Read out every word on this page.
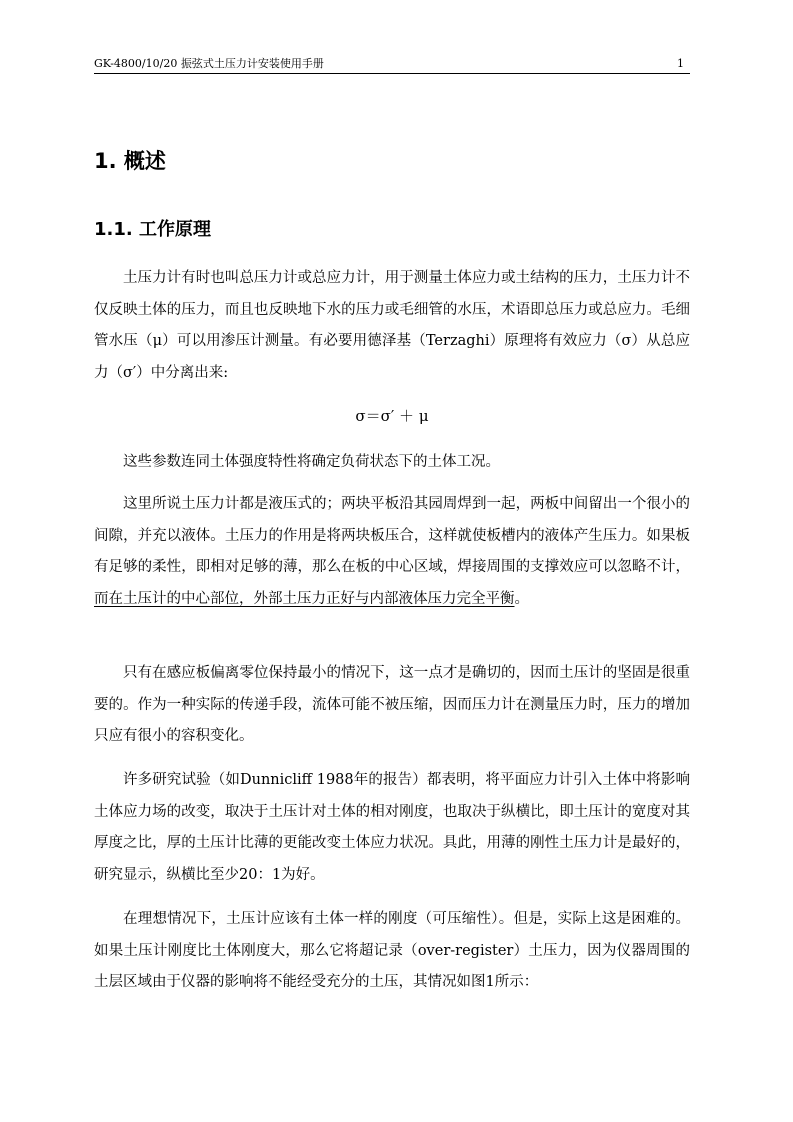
GK-4800/10/20 振弦式土压力计安装使用手册	1
1. 概述
1.1. 工作原理

土压力计有时也叫总压力计或总应力计，用于测量土体应力或土结构的压力，土压力计不仅反映土体的压力，而且也反映地下水的压力或毛细管的水压，术语即总压力或总应力。毛细管水压（μ）可以用渗压计测量。有必要用德泽基（Terzaghi）原理将有效应力（σ）从总应力（σ′）中分离出来:

σ＝σ′ ＋ μ

这些参数连同土体强度特性将确定负荷状态下的土体工况。

这里所说土压力计都是液压式的；两块平板沿其园周焊到一起，两板中间留出一个很小的间隙，并充以液体。土压力的作用是将两块板压合，这样就使板槽内的液体产生压力。如果板有足够的柔性，即相对足够的薄，那么在板的中心区域，焊接周围的支撑效应可以忽略不计，而在土压计的中心部位，外部土压力正好与内部液体压力完全平衡。

只有在感应板偏离零位保持最小的情况下，这一点才是确切的，因而土压计的坚固是很重要的。作为一种实际的传递手段，流体可能不被压缩，因而压力计在测量压力时，压力的增加只应有很小的容积变化。

许多研究试验（如Dunnicliff 1988年的报告）都表明，将平面应力计引入土体中将影响土体应力场的改变，取决于土压计对土体的相对刚度，也取决于纵横比，即土压计的宽度对其厚度之比，厚的土压计比薄的更能改变土体应力状况。具此，用薄的刚性土压力计是最好的，研究显示，纵横比至少20：1为好。

在理想情况下，土压计应该有土体一样的刚度（可压缩性）。但是，实际上这是困难的。如果土压计刚度比土体刚度大，那么它将超记录（over-register）土压力，因为仪器周围的土层区域由于仪器的影响将不能经受充分的土压，其情况如图1所示：
